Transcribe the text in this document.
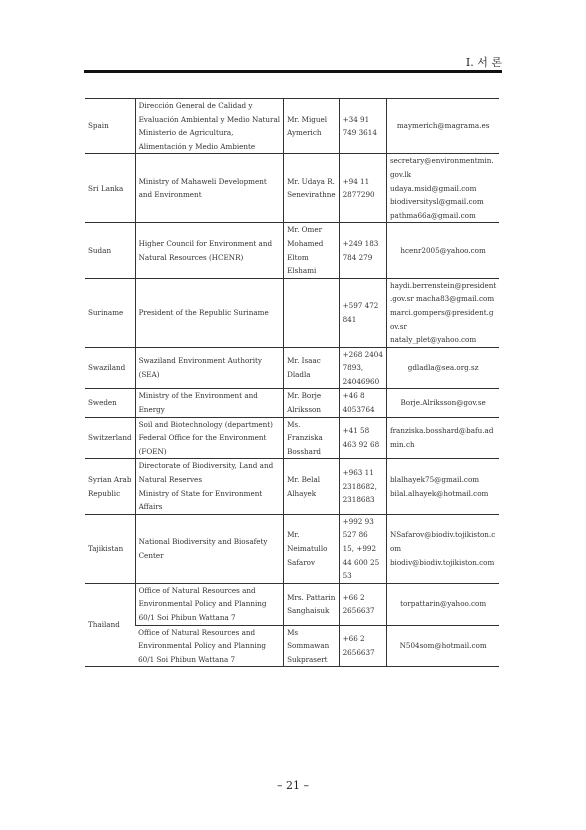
I. 서 론
Spain	Dirección General de Calidad y
Evaluación Ambiental y Medio Natural
Ministerio de Agricultura,
Alimentación y Medio Ambiente	Mr. Miguel
Aymerich	+34 91
749 3614	maymerich@magrama.es

Sri Lanka	Ministry of Mahaweli Development
and Environment	Mr. Udaya R.
Senevirathne	+94 11
2877290	secretary@environmentmin.
gov.lk
udaya.msid@gmail.com
biodiversitysl@gmail.com
pathma66a@gmail.com

Sudan	Higher Council for Environment and
Natural Resources (HCENR)	Mr. Omer
Mohamed
Eltom
Elshami	+249 183
784 279	hcenr2005@yahoo.com

Suriname	President of the Republic Suriname		+597 472
841	haydi.berrenstein@president
.gov.sr macha83@gmail.com
marci.gompers@president.g
ov.sr
nataly_plet@yahoo.com

Swaziland	Swaziland Environment Authority
(SEA)	Mr. Isaac
Dladla	+268 2404
7893,
24046960	gdladla@sea.org.sz

Sweden	Ministry of the Environment and
Energy	Mr. Borje
Alriksson	+46 8
4053764	Borje.Alriksson@gov.se

Switzerland	Soil and Biotechnology (department)
Federal Office for the Environment
(FOEN)	Ms.
Franziska
Bosshard	+41 58
463 92 68	franziska.bosshard@bafu.ad
min.ch

Syrian Arab
Republic	Directorate of Biodiversity, Land and
Natural Reserves
Ministry of State for Environment
Affairs	Mr. Belal
Alhayek	+963 11
2318682,
2318683	blalhayek75@gmail.com
bilal.alhayek@hotmail.com

Tajikistan	National Biodiversity and Biosafety
Center	Mr.
Neimatullo
Safarov	+992 93
527 86
15, +992
44 600 25
53	NSafarov@biodiv.tojikiston.c
om
biodiv@biodiv.tojikiston.com

Thailand	Office of Natural Resources and
Environmental Policy and Planning
60/1 Soi Phibun Wattana 7	Mrs. Pattarin
Sanghaisuk	+66 2
2656637	torpattarin@yahoo.com

	Office of Natural Resources and
Environmental Policy and Planning
60/1 Soi Phibun Wattana 7	Ms
Sommawan
Sukprasert	+66 2
2656637	N504som@hotmail.com
– 21 –
